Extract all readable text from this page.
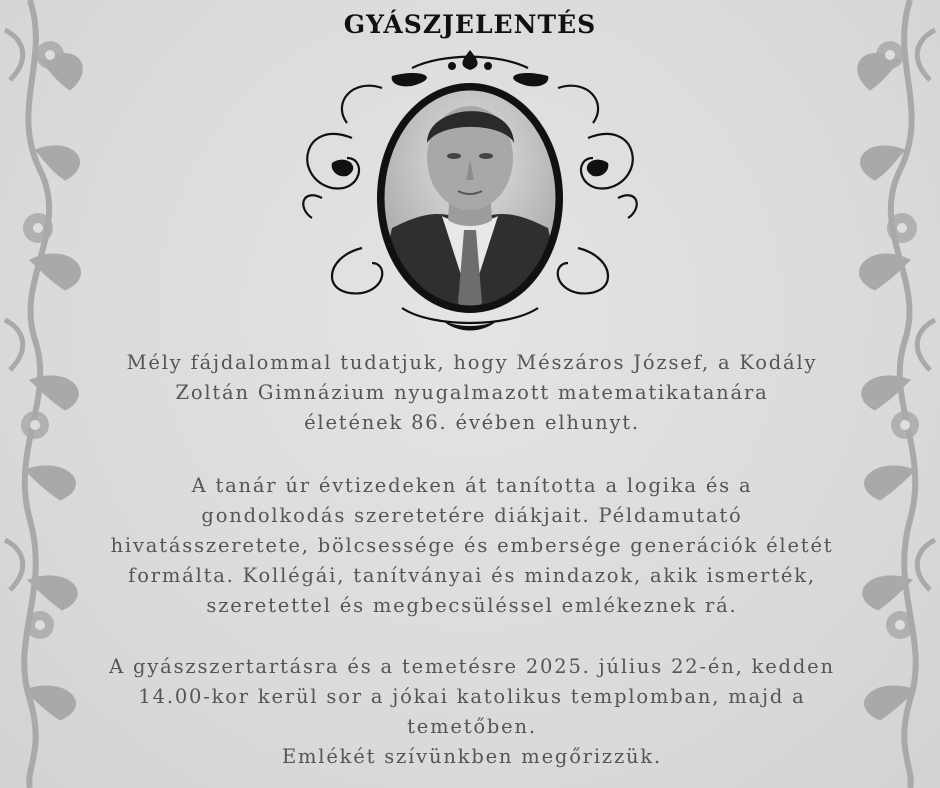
GYÁSZJELENTÉS

Mély fájdalommal tudatjuk, hogy Mészáros József, a Kodály

Zoltán Gimnázium nyugalmazott matematikatanára

életének 86. évében elhunyt.

A tanár úr évtizedeken át tanította a logika és a

gondolkodás szeretetére diákjait. Példamutató

hivatásszeretete, bölcsessége és embersége generációk életét

formálta. Kollégái, tanítványai és mindazok, akik ismerték,

szeretettel és megbecsüléssel emlékeznek rá.

A gyászszertartásra és a temetésre 2025. július 22-én, kedden

14.00-kor kerül sor a jókai katolikus templomban, majd a

temetőben.

Emlékét szívünkben megőrizzük.
